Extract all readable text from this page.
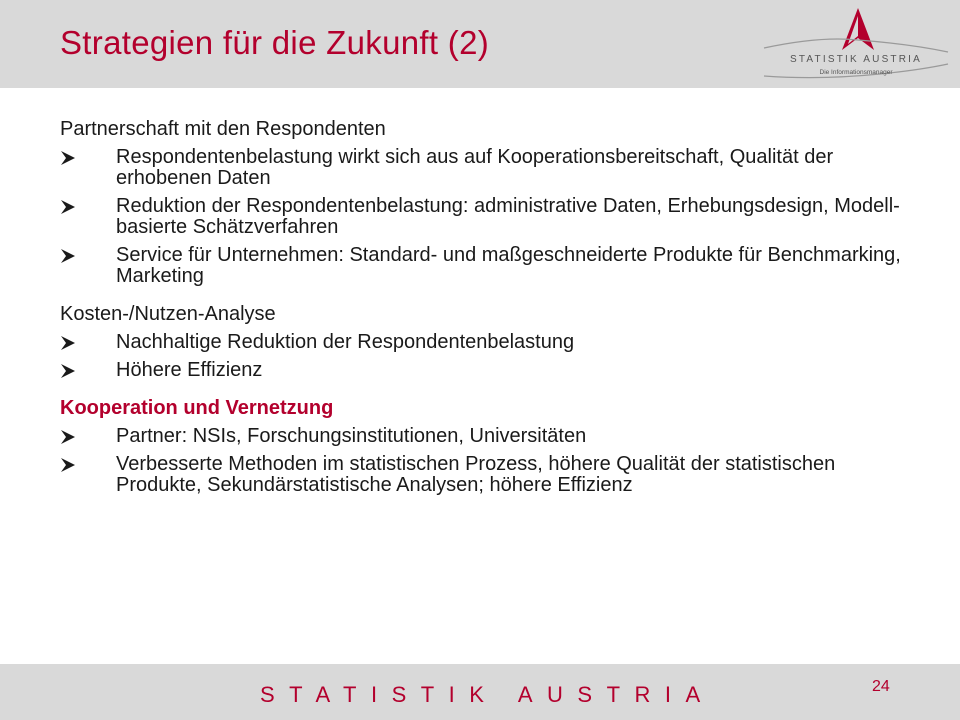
Strategien für die Zukunft (2)	STATISTIK AUSTRIA
Die Informationsmanager

Partnerschaft mit den Respondenten

Respondentenbelastung wirkt sich aus auf Kooperationsbereitschaft, Qualität der erhobenen Daten
Reduktion der Respondentenbelastung: administrative Daten, Erhebungsdesign, Modell-basierte Schätzverfahren
Service für Unternehmen: Standard- und maßgeschneiderte Produkte für Benchmarking, Marketing

Kosten-/Nutzen-Analyse

Nachhaltige Reduktion der Respondentenbelastung
Höhere Effizienz

Kooperation und Vernetzung

Partner: NSIs, Forschungsinstitutionen, Universitäten
Verbesserte Methoden im statistischen Prozess, höhere Qualität der statistischen Produkte, Sekundärstatistische Analysen; höhere Effizienz
STATISTIK AUSTRIA	24
